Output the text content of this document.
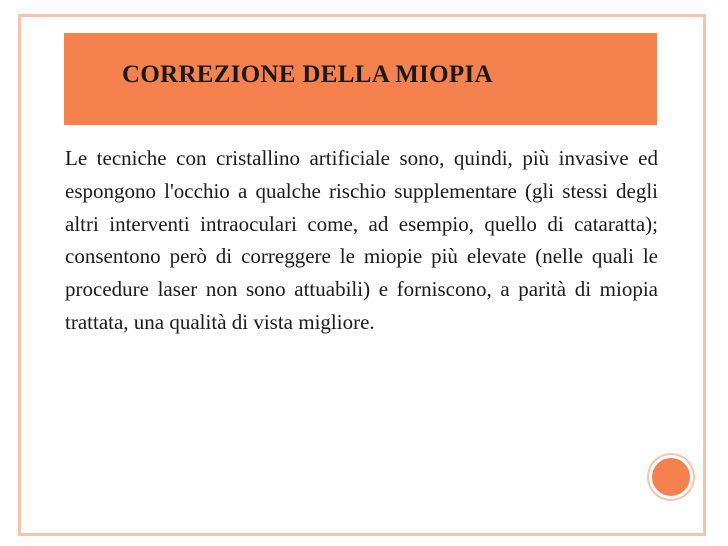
CORREZIONE DELLA MIOPIA

Le tecniche con cristallino artificiale sono, quindi, più invasive ed espongono l'occhio a qualche rischio supplementare (gli stessi degli altri interventi intraoculari come, ad esempio, quello di cataratta); consentono però di correggere le miopie più elevate (nelle quali le procedure laser non sono attuabili) e forniscono, a parità di miopia trattata, una qualità di vista migliore.
